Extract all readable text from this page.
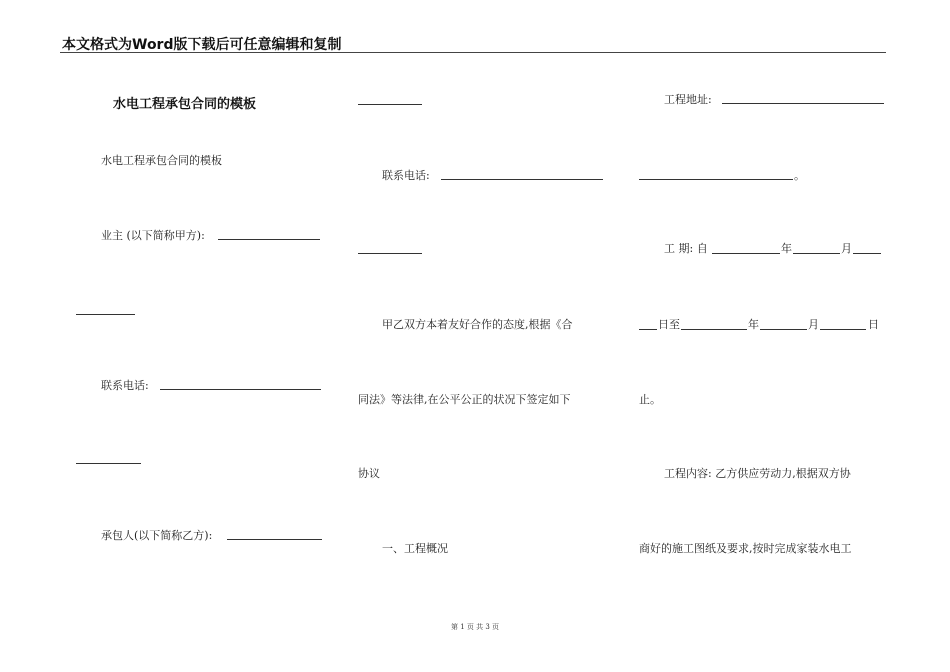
本文格式为Word版下载后可任意编辑和复制
水电工程承包合同的模板
水电工程承包合同的模板
业主 (以下简称甲方):
联系电话:
承包人(以下简称乙方):
联系电话:
甲乙双方本着友好合作的态度,根据《合
同法》等法律,在公平公正的状况下签定如下
协议
一、工程概况
工程地址:
。
工 期: 自	年	月
日至	年	月	日
止。
工程内容: 乙方供应劳动力,根据双方协
商好的施工图纸及要求,按时完成家装水电工
第 1 页 共 3 页
